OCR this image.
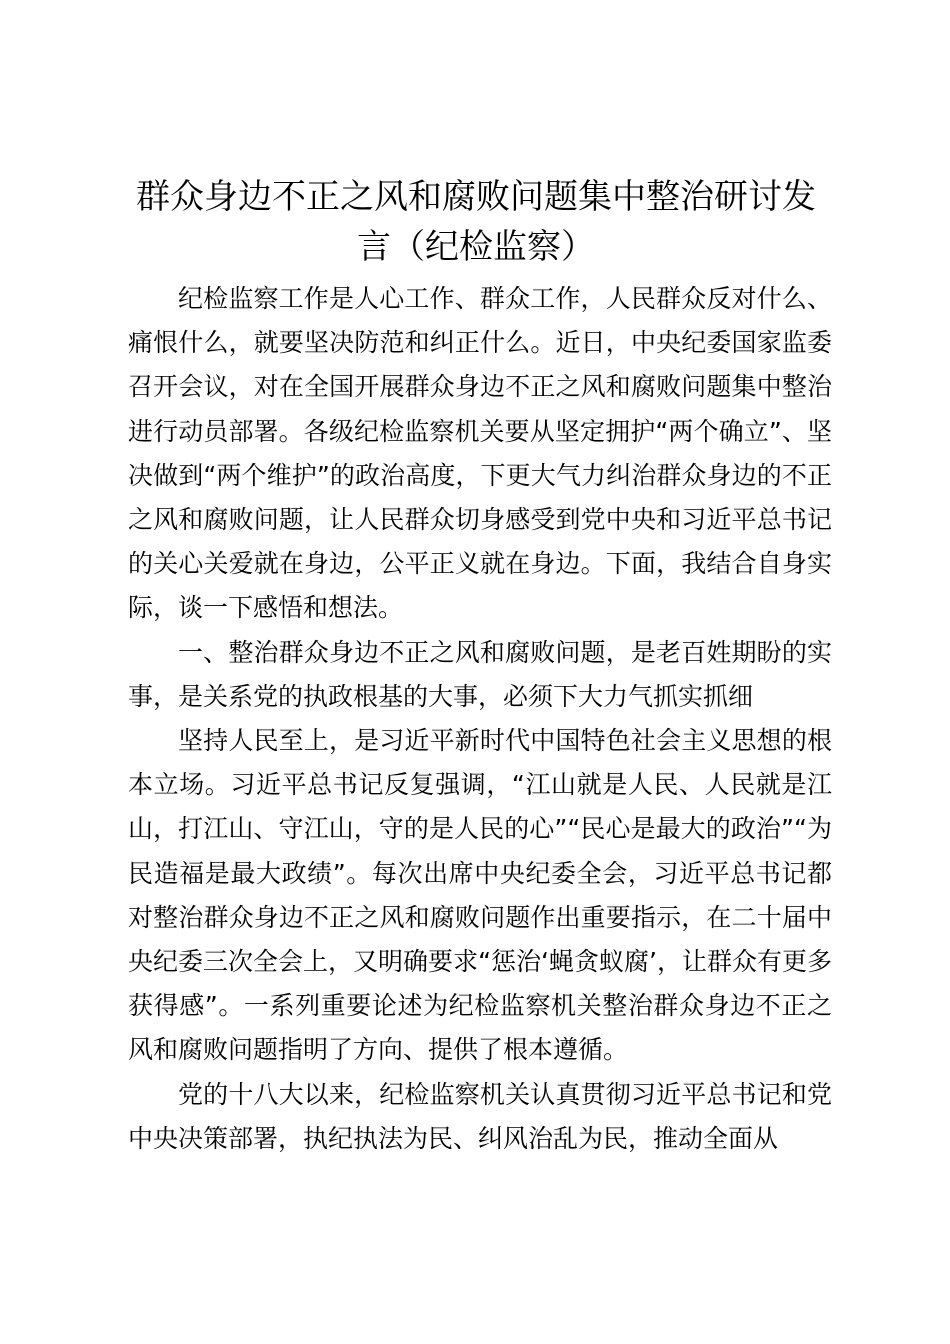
群众身边不正之风和腐败问题集中整治研讨发言（纪检监察）

纪检监察工作是人心工作、群众工作，人民群众反对什么、痛恨什么，就要坚决防范和纠正什么。近日，中央纪委国家监委召开会议，对在全国开展群众身边不正之风和腐败问题集中整治进行动员部署。各级纪检监察机关要从坚定拥护“两个确立”、坚决做到“两个维护”的政治高度，下更大气力纠治群众身边的不正之风和腐败问题，让人民群众切身感受到党中央和习近平总书记的关心关爱就在身边，公平正义就在身边。下面，我结合自身实际，谈一下感悟和想法。

一、整治群众身边不正之风和腐败问题，是老百姓期盼的实事，是关系党的执政根基的大事，必须下大力气抓实抓细

坚持人民至上，是习近平新时代中国特色社会主义思想的根本立场。习近平总书记反复强调，“江山就是人民、人民就是江山，打江山、守江山，守的是人民的心”“民心是最大的政治”“为民造福是最大政绩”。每次出席中央纪委全会，习近平总书记都对整治群众身边不正之风和腐败问题作出重要指示，在二十届中央纪委三次全会上，又明确要求“惩治‘蝇贪蚁腐’，让群众有更多获得感”。一系列重要论述为纪检监察机关整治群众身边不正之风和腐败问题指明了方向、提供了根本遵循。

党的十八大以来，纪检监察机关认真贯彻习近平总书记和党中央决策部署，执纪执法为民、纠风治乱为民，推动全面从
